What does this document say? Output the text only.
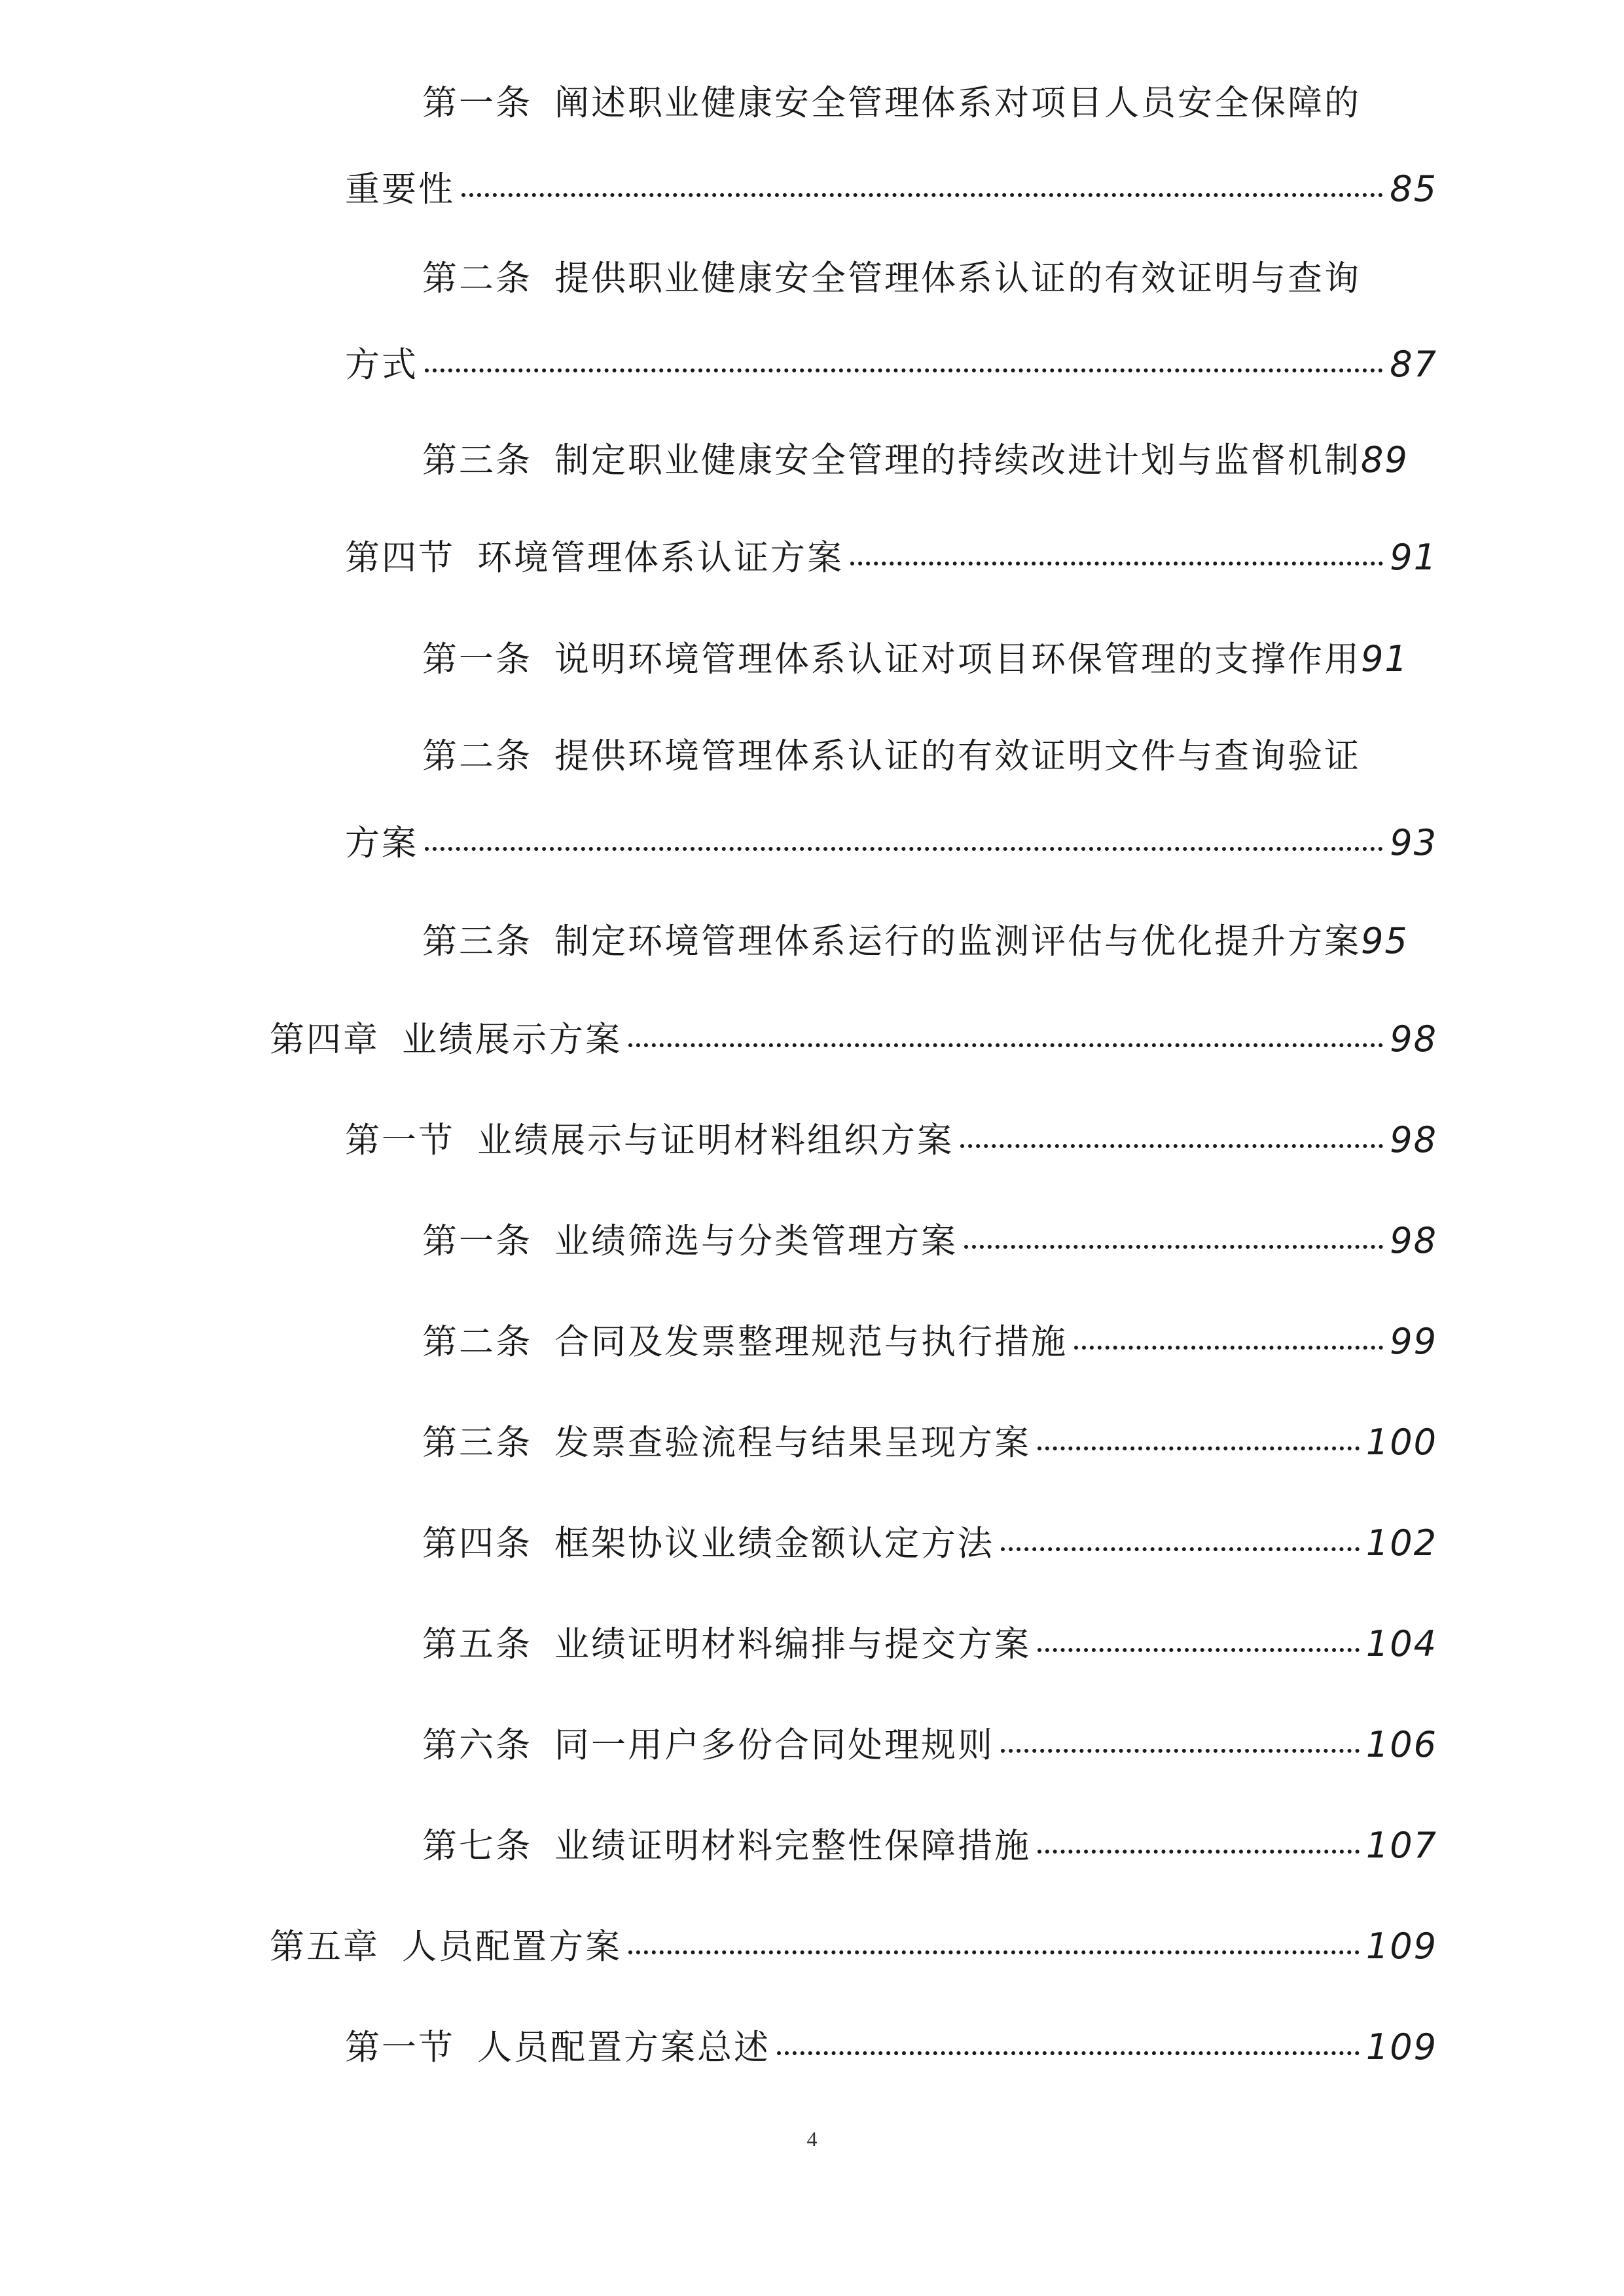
第一条 阐述职业健康安全管理体系对项目人员安全保障的
重要性	85
第二条 提供职业健康安全管理体系认证的有效证明与查询
方式	87
第三条 制定职业健康安全管理的持续改进计划与监督机制 89
第四节 环境管理体系认证方案	91
第一条 说明环境管理体系认证对项目环保管理的支撑作用 91
第二条 提供环境管理体系认证的有效证明文件与查询验证
方案	93
第三条 制定环境管理体系运行的监测评估与优化提升方案 95
第四章 业绩展示方案	98
第一节 业绩展示与证明材料组织方案	98
第一条 业绩筛选与分类管理方案	98
第二条 合同及发票整理规范与执行措施	99
第三条 发票查验流程与结果呈现方案	100
第四条 框架协议业绩金额认定方法	102
第五条 业绩证明材料编排与提交方案	104
第六条 同一用户多份合同处理规则	106
第七条 业绩证明材料完整性保障措施	107
第五章 人员配置方案	109
第一节 人员配置方案总述	109
4
